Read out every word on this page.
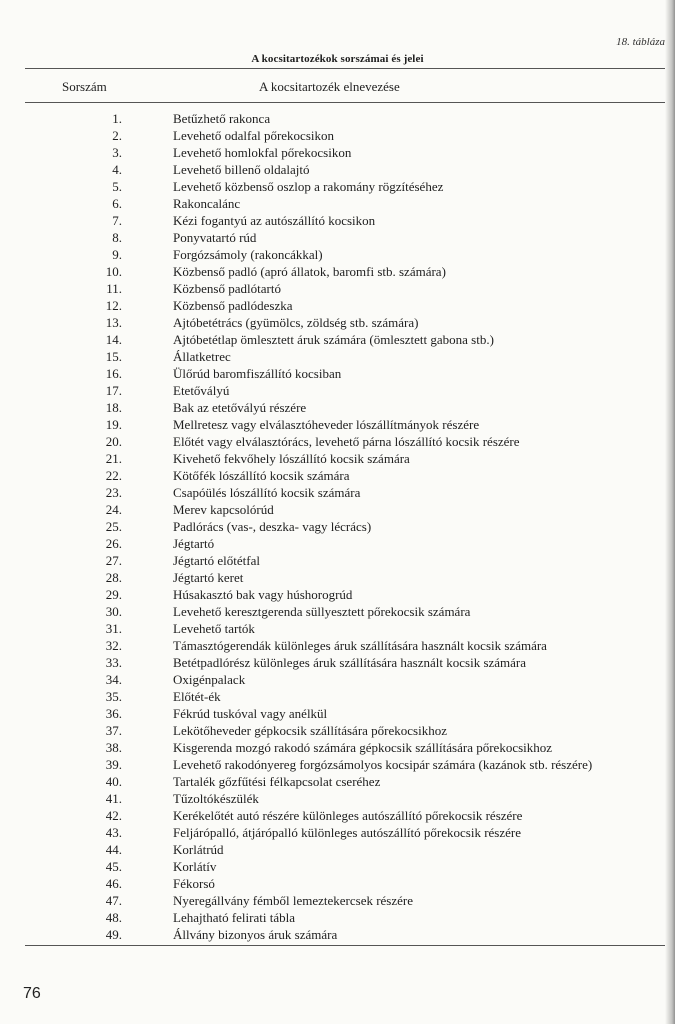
18. tábláza
A kocsitartozékok sorszámai és jelei
Sorszám	A kocsitartozék elnevezése
1.	Betűzhető rakonca
2.	Levehető odalfal pőrekocsikon
3.	Levehető homlokfal pőrekocsikon
4.	Levehető billenő oldalajtó
5.	Levehető közbenső oszlop a rakomány rögzítéséhez
6.	Rakoncalánc
7.	Kézi fogantyú az autószállító kocsikon
8.	Ponyvatartó rúd
9.	Forgózsámoly (rakoncákkal)
10.	Közbenső padló (apró állatok, baromfi stb. számára)
11.	Közbenső padlótartó
12.	Közbenső padlódeszka
13.	Ajtóbetétrács (gyümölcs, zöldség stb. számára)
14.	Ajtóbetétlap ömlesztett áruk számára (ömlesztett gabona stb.)
15.	Állatketrec
16.	Ülőrúd baromfiszállító kocsiban
17.	Etetővályú
18.	Bak az etetővályú részére
19.	Mellretesz vagy elválasztóheveder lószállítmányok részére
20.	Előtét vagy elválasztórács, levehető párna lószállító kocsik részére
21.	Kivehető fekvőhely lószállító kocsik számára
22.	Kötőfék lószállító kocsik számára
23.	Csapóülés lószállító kocsik számára
24.	Merev kapcsolórúd
25.	Padlórács (vas-, deszka- vagy lécrács)
26.	Jégtartó
27.	Jégtartó előtétfal
28.	Jégtartó keret
29.	Húsakasztó bak vagy húshorogrúd
30.	Levehető keresztgerenda süllyesztett pőrekocsik számára
31.	Levehető tartók
32.	Támasztógerendák különleges áruk szállítására használt kocsik számára
33.	Betétpadlórész különleges áruk szállítására használt kocsik számára
34.	Oxigénpalack
35.	Előtét-ék
36.	Fékrúd tuskóval vagy anélkül
37.	Lekötőheveder gépkocsik szállítására pőrekocsikhoz
38.	Kisgerenda mozgó rakodó számára gépkocsik szállítására pőrekocsikhoz
39.	Levehető rakodónyereg forgózsámolyos kocsipár számára (kazánok stb. részére)
40.	Tartalék gőzfűtési félkapcsolat cseréhez
41.	Tűzoltókészülék
42.	Kerékelőtét autó részére különleges autószállító pőrekocsik részére
43.	Feljárópalló, átjárópalló különleges autószállító pőrekocsik részére
44.	Korlátrúd
45.	Korlátív
46.	Fékorsó
47.	Nyeregállvány fémből lemeztekercsek részére
48.	Lehajtható felirati tábla
49.	Állvány bizonyos áruk számára
76
